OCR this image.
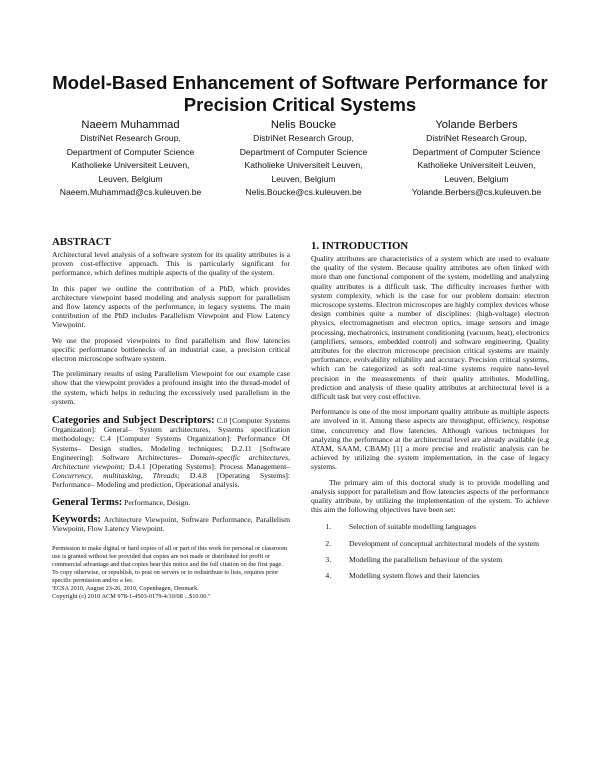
Model-Based Enhancement of Software Performance for Precision Critical Systems
Naeem Muhammad
DistriNet Research Group,
Department of Computer Science
Katholieke Universiteit Leuven,
Leuven, Belgium
Naeem.Muhammad@cs.kuleuven.be
Nelis Boucke
DistriNet Research Group,
Department of Computer Science
Katholieke Universiteit Leuven,
Leuven, Belgium
Nelis.Boucke@cs.kuleuven.be
Yolande Berbers
DistriNet Research Group,
Department of Computer Science
Katholieke Universiteit Leuven,
Leuven, Belgium
Yolande.Berbers@cs.kuleuven.be
ABSTRACT

Architectural level analysis of a software system for its quality attributes is a proven cost-effective approach. This is particularly significant for performance, which defines multiple aspects of the quality of the system.

In this paper we outline the contribution of a PhD, which provides architecture viewpoint based modeling and analysis support for parallelism and flow latency aspects of the performance, in legacy systems. The main contribution of the PhD includes Parallelism Viewpoint and Flow Latency Viewpoint.

We use the proposed viewpoints to find parallelism and flow latencies specific performance bottlenecks of an industrial case, a precision critical electron microscope software system.

The preliminary results of using Parallelism Viewpoint for our example case show that the viewpoint provides a profound insight into the thread-model of the system, which helps in reducing the excessively used parallelism in the system.

Categories and Subject Descriptors: C.0 [Computer Systems Organization]: General– System architectures, Systems specification methodology; C.4 [Computer Systems Organization]: Performance Of Systems– Design studies, Modeling techniques; D.2.11 [Software Engineering]: Software Architectures– Domain-specific architectures, Architecture viewpoint; D.4.1 [Operating Systems]: Process Management– Concurrency, multitasking, Threads; D.4.8 [Operating Systems]: Performance– Modeling and prediction, Operational analysis.

General Terms: Performance, Design.

Keywords: Architecture Viewpoint, Software Performance, Parallelism Viewpoint, Flow Latency Viewpoint.

Permission to make digital or hard copies of all or part of this work for personal or classroom use is granted without fee provided that copies are not made or distributed for profit or commercial advantage and that copies bear this notice and the full citation on the first page. To copy otherwise, or republish, to post on servers or to redistribute to lists, requires prior specific permission and/or a fee.
'ECSA 2010, August 23-26, 2010, Copenhagen, Denmark.
Copyright (c) 2010 ACM 978-1-4503-0179-4/10/08 ...$10.00."
1. INTRODUCTION

Quality attributes are characteristics of a system which are used to evaluate the quality of the system. Because quality attributes are often linked with more than one functional component of the system, modelling and analyzing quality attributes is a difficult task. The difficulty increases further with system complexity, which is the case for our problem domain: electron microscope systems. Electron microscopes are highly complex devices whose design combines quite a number of disciplines: (high-voltage) electron physics, electromagnetism and electron optics, image sensors and image processing, mechatronics, instrument conditioning (vacuum, heat), electronics (amplifiers, sensors, embedded control) and software engineering. Quality attributes for the electron microscope precision critical systems are mainly performance, evolvability reliability and accuracy. Precision critical systems, which can be categorized as soft real-time systems require nano-level precision in the measurements of their quality attributes. Modelling, prediction and analysis of these quality attributes at architectural level is a difficult task but very cost effective.

Performance is one of the most important quality attribute as multiple aspects are involved in it. Among these aspects are throughput, efficiency, response time, concurrency and flow latencies. Although various techniques for analyzing the performance at the architectural level are already available (e.g ATAM, SAAM, CBAM) [1] a more precise and realistic analysis can be achieved by utilizing the system implementation, in the case of legacy systems.

The primary aim of this doctoral study is to provide modelling and analysis support for parallelism and flow latencies aspects of the performance quality attribute, by utilizing the implementation of the system. To achieve this aim the following objectives have been set:

1. Selection of suitable modelling languages
2. Development of conceptual architectural models of the system
3. Modelling the parallelism behaviour of the system
4. Modelling system flows and their latencies
